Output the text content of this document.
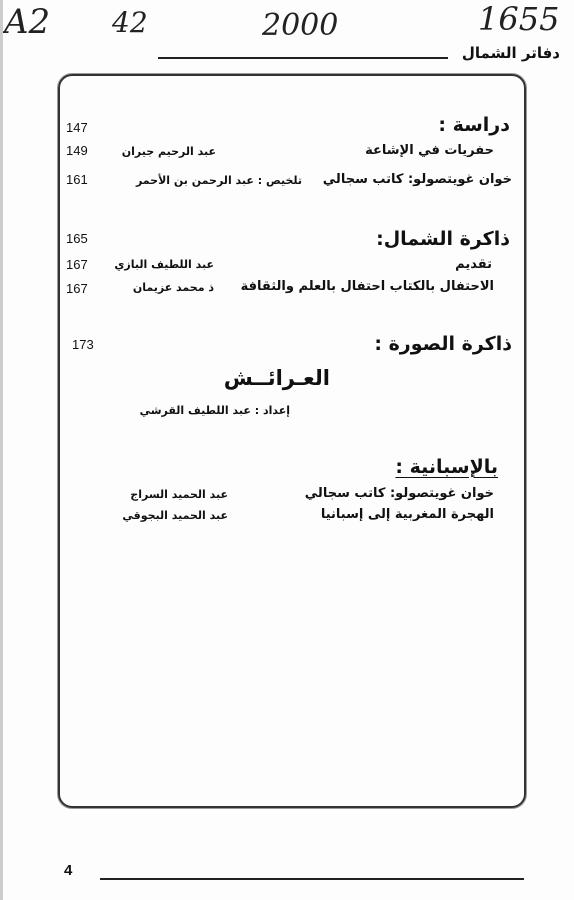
A2 42	2000	1655
دفاتر الشمال
دراسة :
147
حفريات في الإشاعة
عبد الرحيم جيران
149
خوان غويتصولو: كاتب سجالي
تلخيص : عبد الرحمن بن الأحمر
161
ذاكرة الشمال:
165
تقديم
عبد اللطيف البازي
167
الاحتفال بالكتاب احتفال بالعلم والثقافة
ذ محمد عزيمان
167
ذاكرة الصورة :
173
العـرائــش
إعداد : عبد اللطيف القرشي
بالإسبانية :
خوان غويتصولو: كاتب سجالي
عبد الحميد السراج
الهجرة المغربية إلى إسبانيا
عبد الحميد البجوقي
4
